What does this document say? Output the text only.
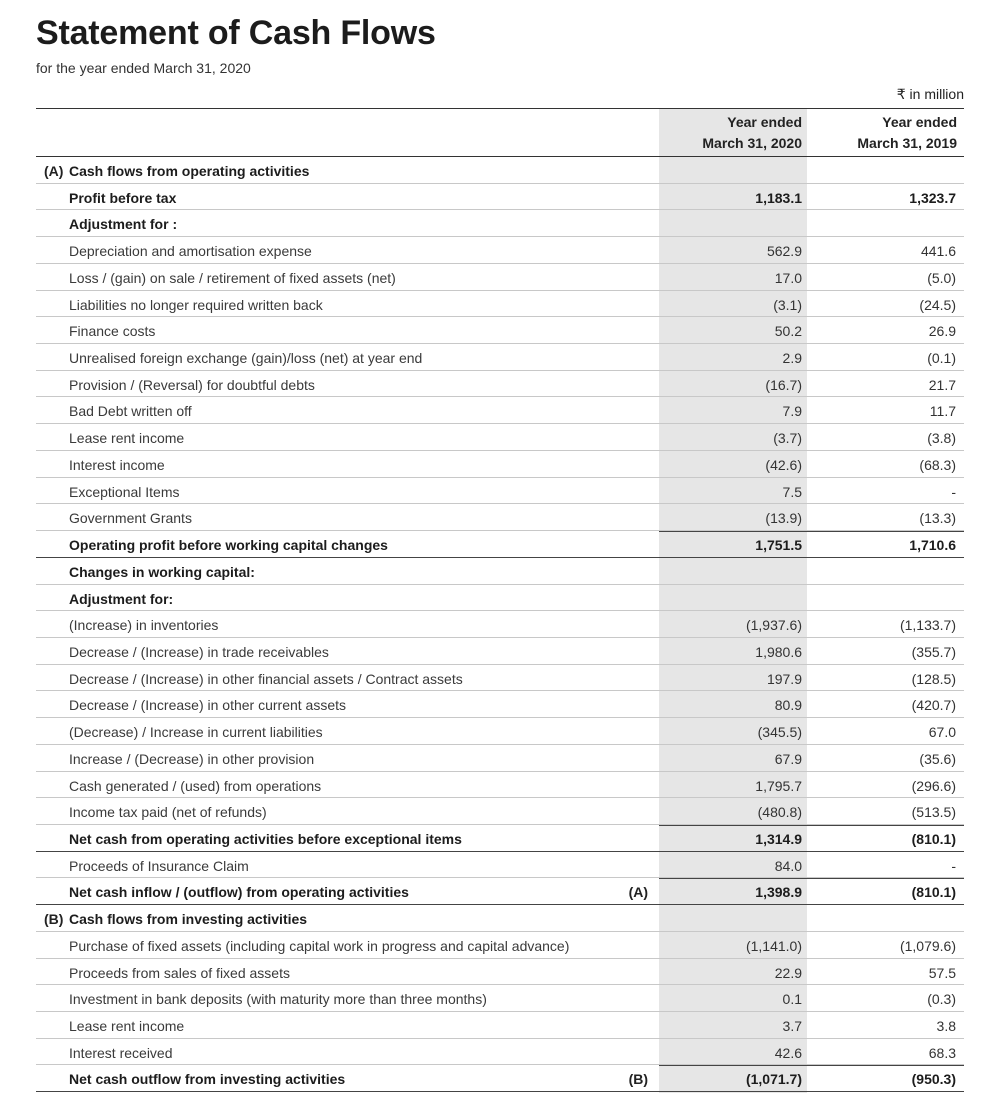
Statement of Cash Flows
for the year ended March 31, 2020
₹ in million
Year ended
March 31, 2020
Year ended
March 31, 2019
(A) Cash flows from operating activities
Profit before tax	1,183.1	1,323.7
Adjustment for :
Depreciation and amortisation expense	562.9	441.6
Loss / (gain) on sale / retirement of fixed assets (net)	17.0	(5.0)
Liabilities no longer required written back	(3.1)	(24.5)
Finance costs	50.2	26.9
Unrealised foreign exchange (gain)/loss (net) at year end	2.9	(0.1)
Provision / (Reversal) for doubtful debts	(16.7)	21.7
Bad Debt written off	7.9	11.7
Lease rent income	(3.7)	(3.8)
Interest income	(42.6)	(68.3)
Exceptional Items	7.5	-
Government Grants	(13.9)	(13.3)
Operating profit before working capital changes	1,751.5	1,710.6
Changes in working capital:
Adjustment for:
(Increase) in inventories	(1,937.6)	(1,133.7)
Decrease / (Increase) in trade receivables	1,980.6	(355.7)
Decrease / (Increase) in other financial assets / Contract assets	197.9	(128.5)
Decrease / (Increase) in other current assets	80.9	(420.7)
(Decrease) / Increase in current liabilities	(345.5)	67.0
Increase / (Decrease) in other provision	67.9	(35.6)
Cash generated / (used) from operations	1,795.7	(296.6)
Income tax paid (net of refunds)	(480.8)	(513.5)
Net cash from operating activities before exceptional items	1,314.9	(810.1)
Proceeds of Insurance Claim	84.0	-
Net cash inflow / (outflow) from operating activities	(A)	1,398.9	(810.1)
(B) Cash flows from investing activities
Purchase of fixed assets (including capital work in progress and capital advance)	(1,141.0)	(1,079.6)
Proceeds from sales of fixed assets	22.9	57.5
Investment in bank deposits (with maturity more than three months)	0.1	(0.3)
Lease rent income	3.7	3.8
Interest received	42.6	68.3
Net cash outflow from investing activities	(B)	(1,071.7)	(950.3)
